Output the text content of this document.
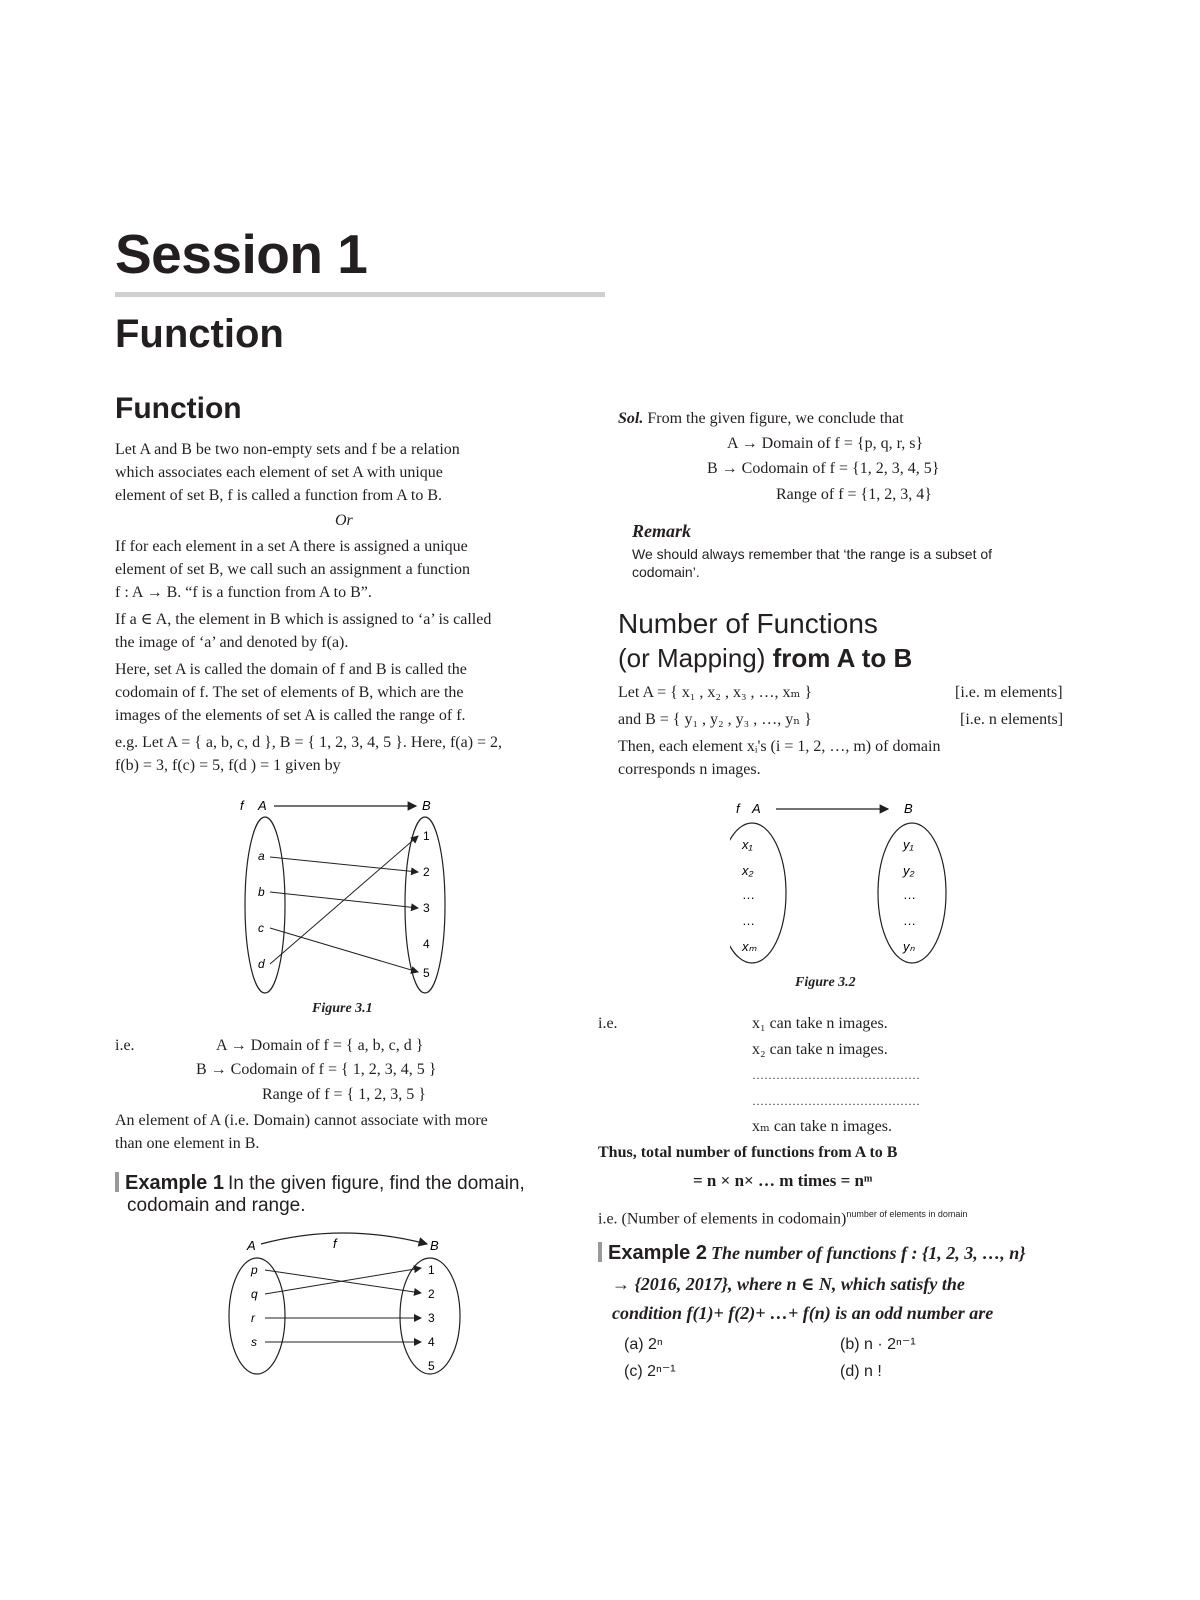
Session 1
Function
Function
Let A and B be two non-empty sets and f be a relation
which associates each element of set A with unique
element of set B, f is called a function from A to B.
Or
If for each element in a set A there is assigned a unique
element of set B, we call such an assignment a function
f : A → B. “f is a function from A to B”.
If a ∈ A, the element in B which is assigned to ‘a’ is called
the image of ‘a’ and denoted by f(a).
Here, set A is called the domain of f and B is called the
codomain of f. The set of elements of B, which are the
images of the elements of set A is called the range of f.
e.g. Let A = { a, b, c, d }, B = { 1, 2, 3, 4, 5 }. Here, f(a) = 2,
f(b) = 3, f(c) = 5, f(d ) = 1 given by
f A	B
a
b
c
d
1
2
3
4
5
Figure 3.1
i.e.	A → Domain of f = { a, b, c, d }
B → Codomain of f = { 1, 2, 3, 4, 5 }
Range of f = { 1, 2, 3, 5 }
An element of A (i.e. Domain) cannot associate with more
than one element in B.
Example 1 In the given figure, find the domain,
codomain and range.
A	f	B
p
q
r
s
1
2
3
4
5
Sol. From the given figure, we conclude that
A → Domain of f = {p, q, r, s}
B → Codomain of f = {1, 2, 3, 4, 5}
Range of f = {1, 2, 3, 4}
Remark
We should always remember that ‘the range is a subset of
codomain’.
Number of Functions
(or Mapping) from A to B
Let A = { x₁ , x₂ , x₃ , …, xₘ }	[i.e. m elements]
and B = { y₁ , y₂ , y₃ , …, yₙ }	[i.e. n elements]
Then, each element xᵢ's (i = 1, 2, …, m) of domain
corresponds n images.
f A	B
x₁
x₂
…
…
xₘ
y₁
y₂
…
…
yₙ
Figure 3.2
i.e.	x₁ can take n images.
x₂ can take n images.
……………………………………
……………………………………
xₘ can take n images.
Thus, total number of functions from A to B
= n × n× … m times = nᵐ
i.e. (Number of elements in codomain)$^{number of elements in domain}$
Example 2 The number of functions f : {1, 2, 3, …, n}
→ {2016, 2017}, where n ∈ N, which satisfy the
condition f(1)+ f(2)+ …+ f(n) is an odd number are
(a) 2ⁿ	(b) n · 2ⁿ⁻¹
(c) 2ⁿ⁻¹	(d) n !
